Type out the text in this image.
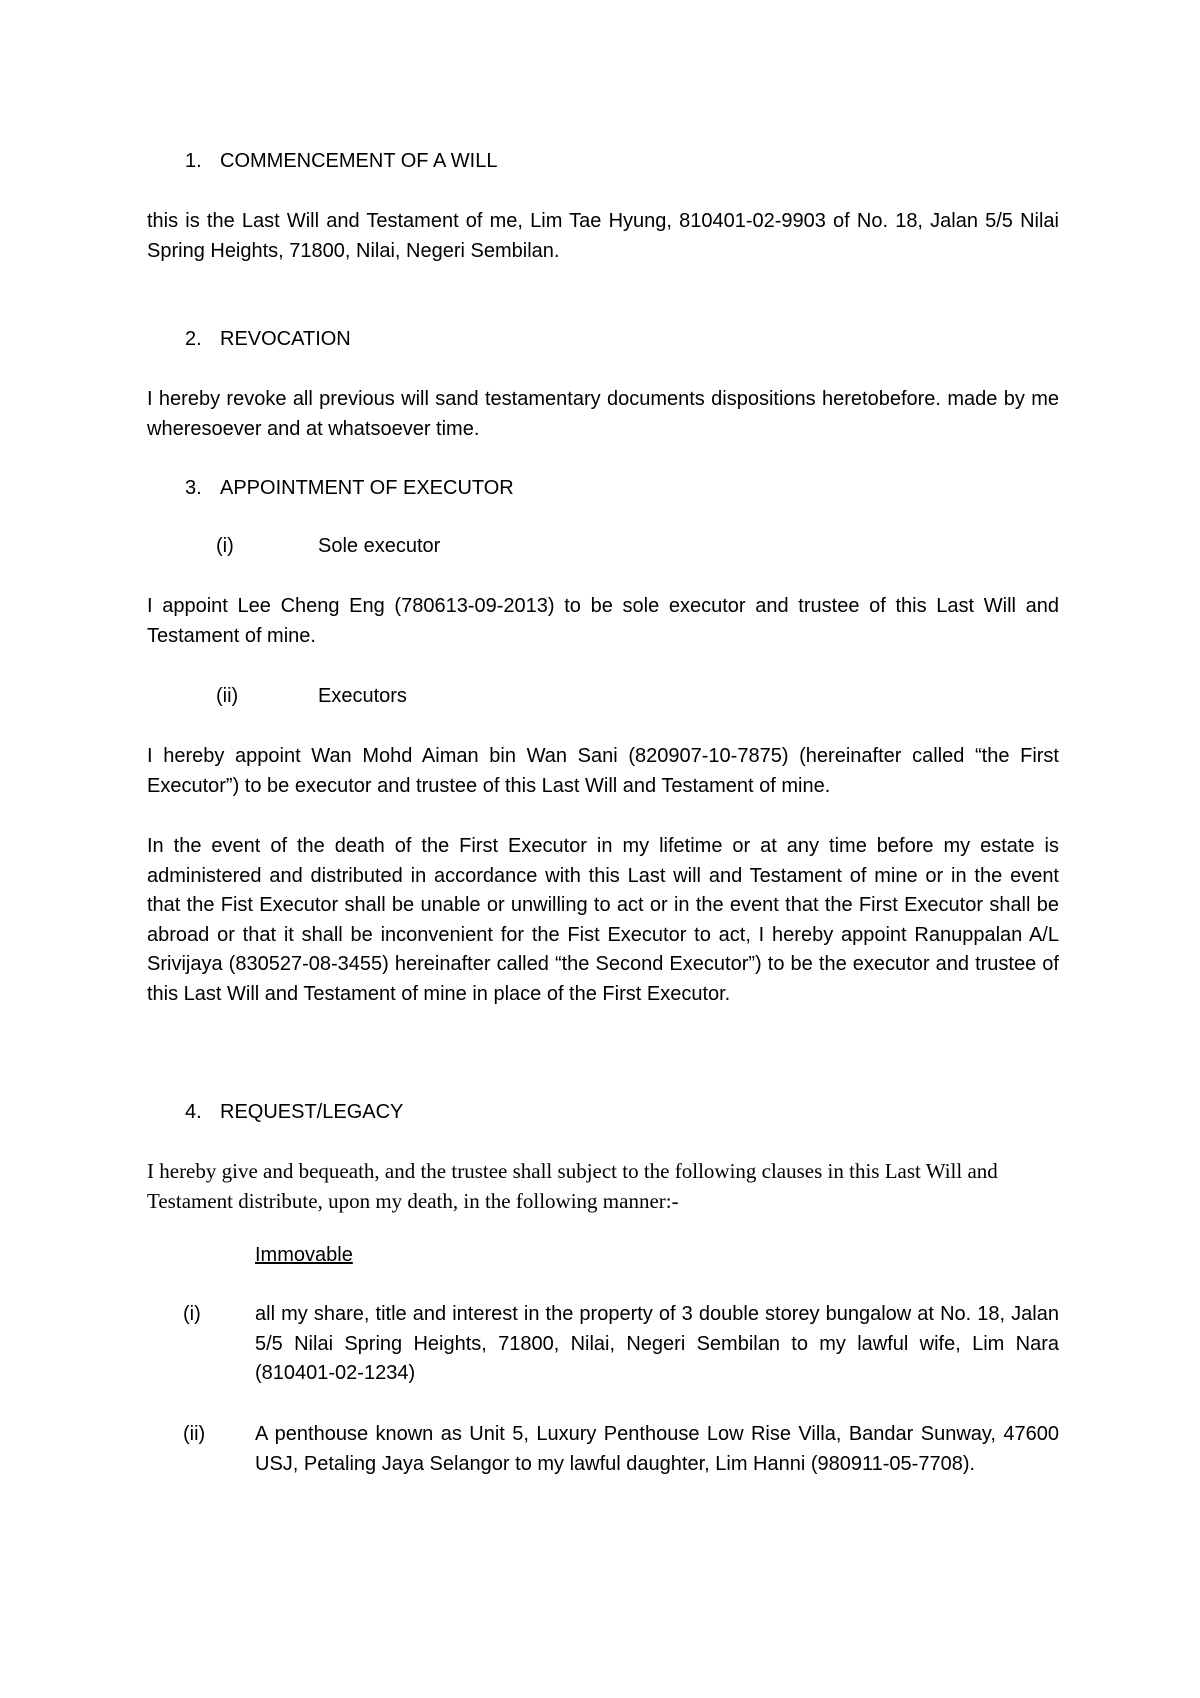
1. COMMENCEMENT OF A WILL

this is the Last Will and Testament of me, Lim Tae Hyung, 810401-02-9903 of No. 18, Jalan 5/5 Nilai Spring Heights, 71800, Nilai, Negeri Sembilan.

2. REVOCATION

I hereby revoke all previous will sand testamentary documents dispositions heretobefore. made by me wheresoever and at whatsoever time.

3. APPOINTMENT OF EXECUTOR
(i)	Sole executor

I appoint Lee Cheng Eng (780613-09-2013) to be sole executor and trustee of this Last Will and Testament of mine.

(ii)	Executors

I hereby appoint Wan Mohd Aiman bin Wan Sani (820907-10-7875) (hereinafter called “the First Executor”) to be executor and trustee of this Last Will and Testament of mine.

In the event of the death of the First Executor in my lifetime or at any time before my estate is administered and distributed in accordance with this Last will and Testament of mine or in the event that the Fist Executor shall be unable or unwilling to act or in the event that the First Executor shall be abroad or that it shall be inconvenient for the Fist Executor to act, I hereby appoint Ranuppalan A/L Srivijaya (830527-08-3455) hereinafter called “the Second Executor”) to be the executor and trustee of this Last Will and Testament of mine in place of the First Executor.

4. REQUEST/LEGACY

I hereby give and bequeath, and the trustee shall subject to the following clauses in this Last Will and Testament distribute, upon my death, in the following manner:-

Immovable
(i)	all my share, title and interest in the property of 3 double storey bungalow at No. 18, Jalan 5/5 Nilai Spring Heights, 71800, Nilai, Negeri Sembilan to my lawful wife, Lim Nara (810401-02-1234)

(ii) A penthouse known as Unit 5, Luxury Penthouse Low Rise Villa, Bandar Sunway, 47600 USJ, Petaling Jaya Selangor to my lawful daughter, Lim Hanni (980911-05-7708).
